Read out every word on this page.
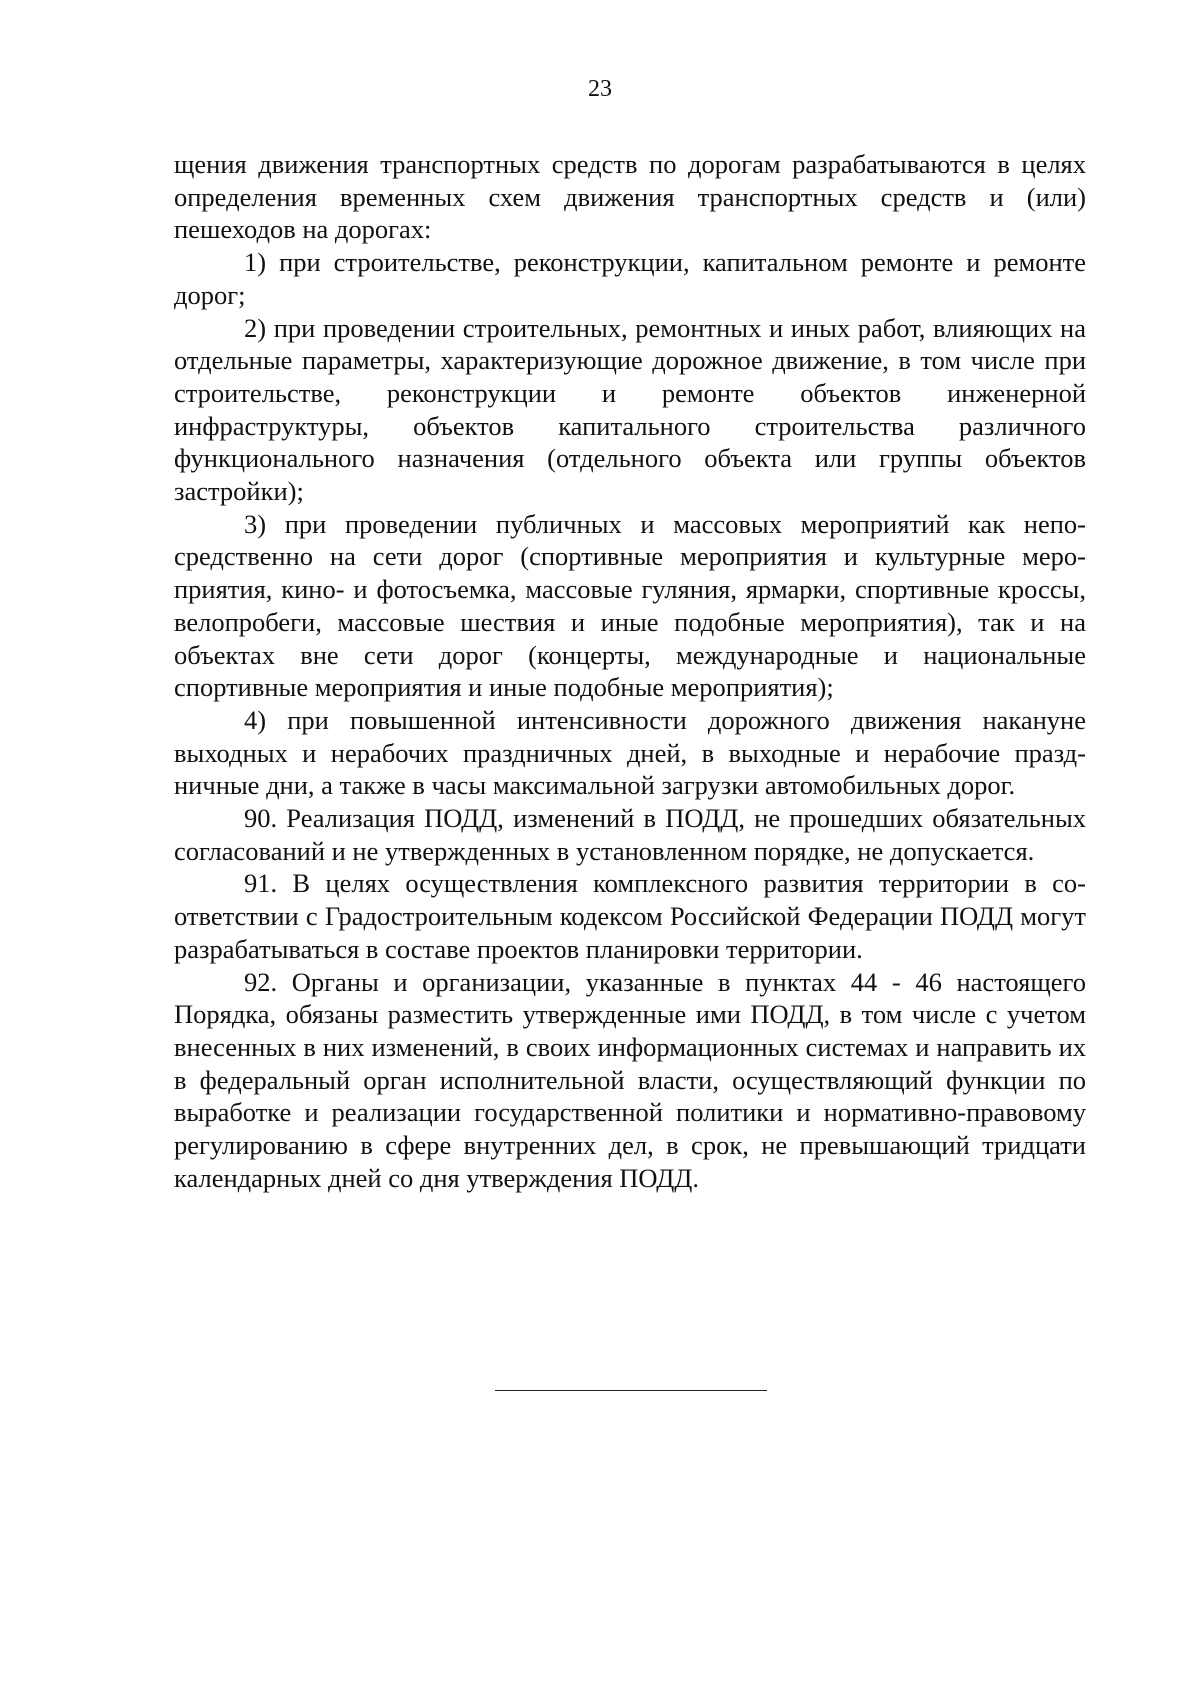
23

щения движения транспортных средств по дорогам разрабатываются в целях определения временных схем движения транспортных средств и (или) пешеходов на дорогах:

1) при строительстве, реконструкции, капитальном ремонте и ремонте дорог;

2) при проведении строительных, ремонтных и иных работ, влияющих на отдельные параметры, характеризующие дорожное движение, в том числе при строительстве, реконструкции и ремонте объектов инженерной инфраструктуры, объектов капитального строительства различного функционального назначения (отдельного объекта или группы объектов застройки);

3) при проведении публичных и массовых мероприятий как непосредственно на сети дорог (спортивные мероприятия и культурные мероприятия, кино- и фотосъемка, массовые гуляния, ярмарки, спортивные кроссы, велопробеги, массовые шествия и иные подобные мероприятия), так и на объектах вне сети дорог (концерты, международные и национальные спортивные мероприятия и иные подобные мероприятия);

4) при повышенной интенсивности дорожного движения накануне выходных и нерабочих праздничных дней, в выходные и нерабочие праздничные дни, а также в часы максимальной загрузки автомобильных дорог.

90. Реализация ПОДД, изменений в ПОДД, не прошедших обязательных согласований и не утвержденных в установленном порядке, не допускается.

91. В целях осуществления комплексного развития территории в соответствии с Градостроительным кодексом Российской Федерации ПОДД могут разрабатываться в составе проектов планировки территории.

92. Органы и организации, указанные в пунктах 44 - 46 настоящего Порядка, обязаны разместить утвержденные ими ПОДД, в том числе с учетом внесенных в них изменений, в своих информационных системах и направить их в федеральный орган исполнительной власти, осуществляющий функции по выработке и реализации государственной политики и нормативно-правовому регулированию в сфере внутренних дел, в срок, не превышающий тридцати календарных дней со дня утверждения ПОДД.
